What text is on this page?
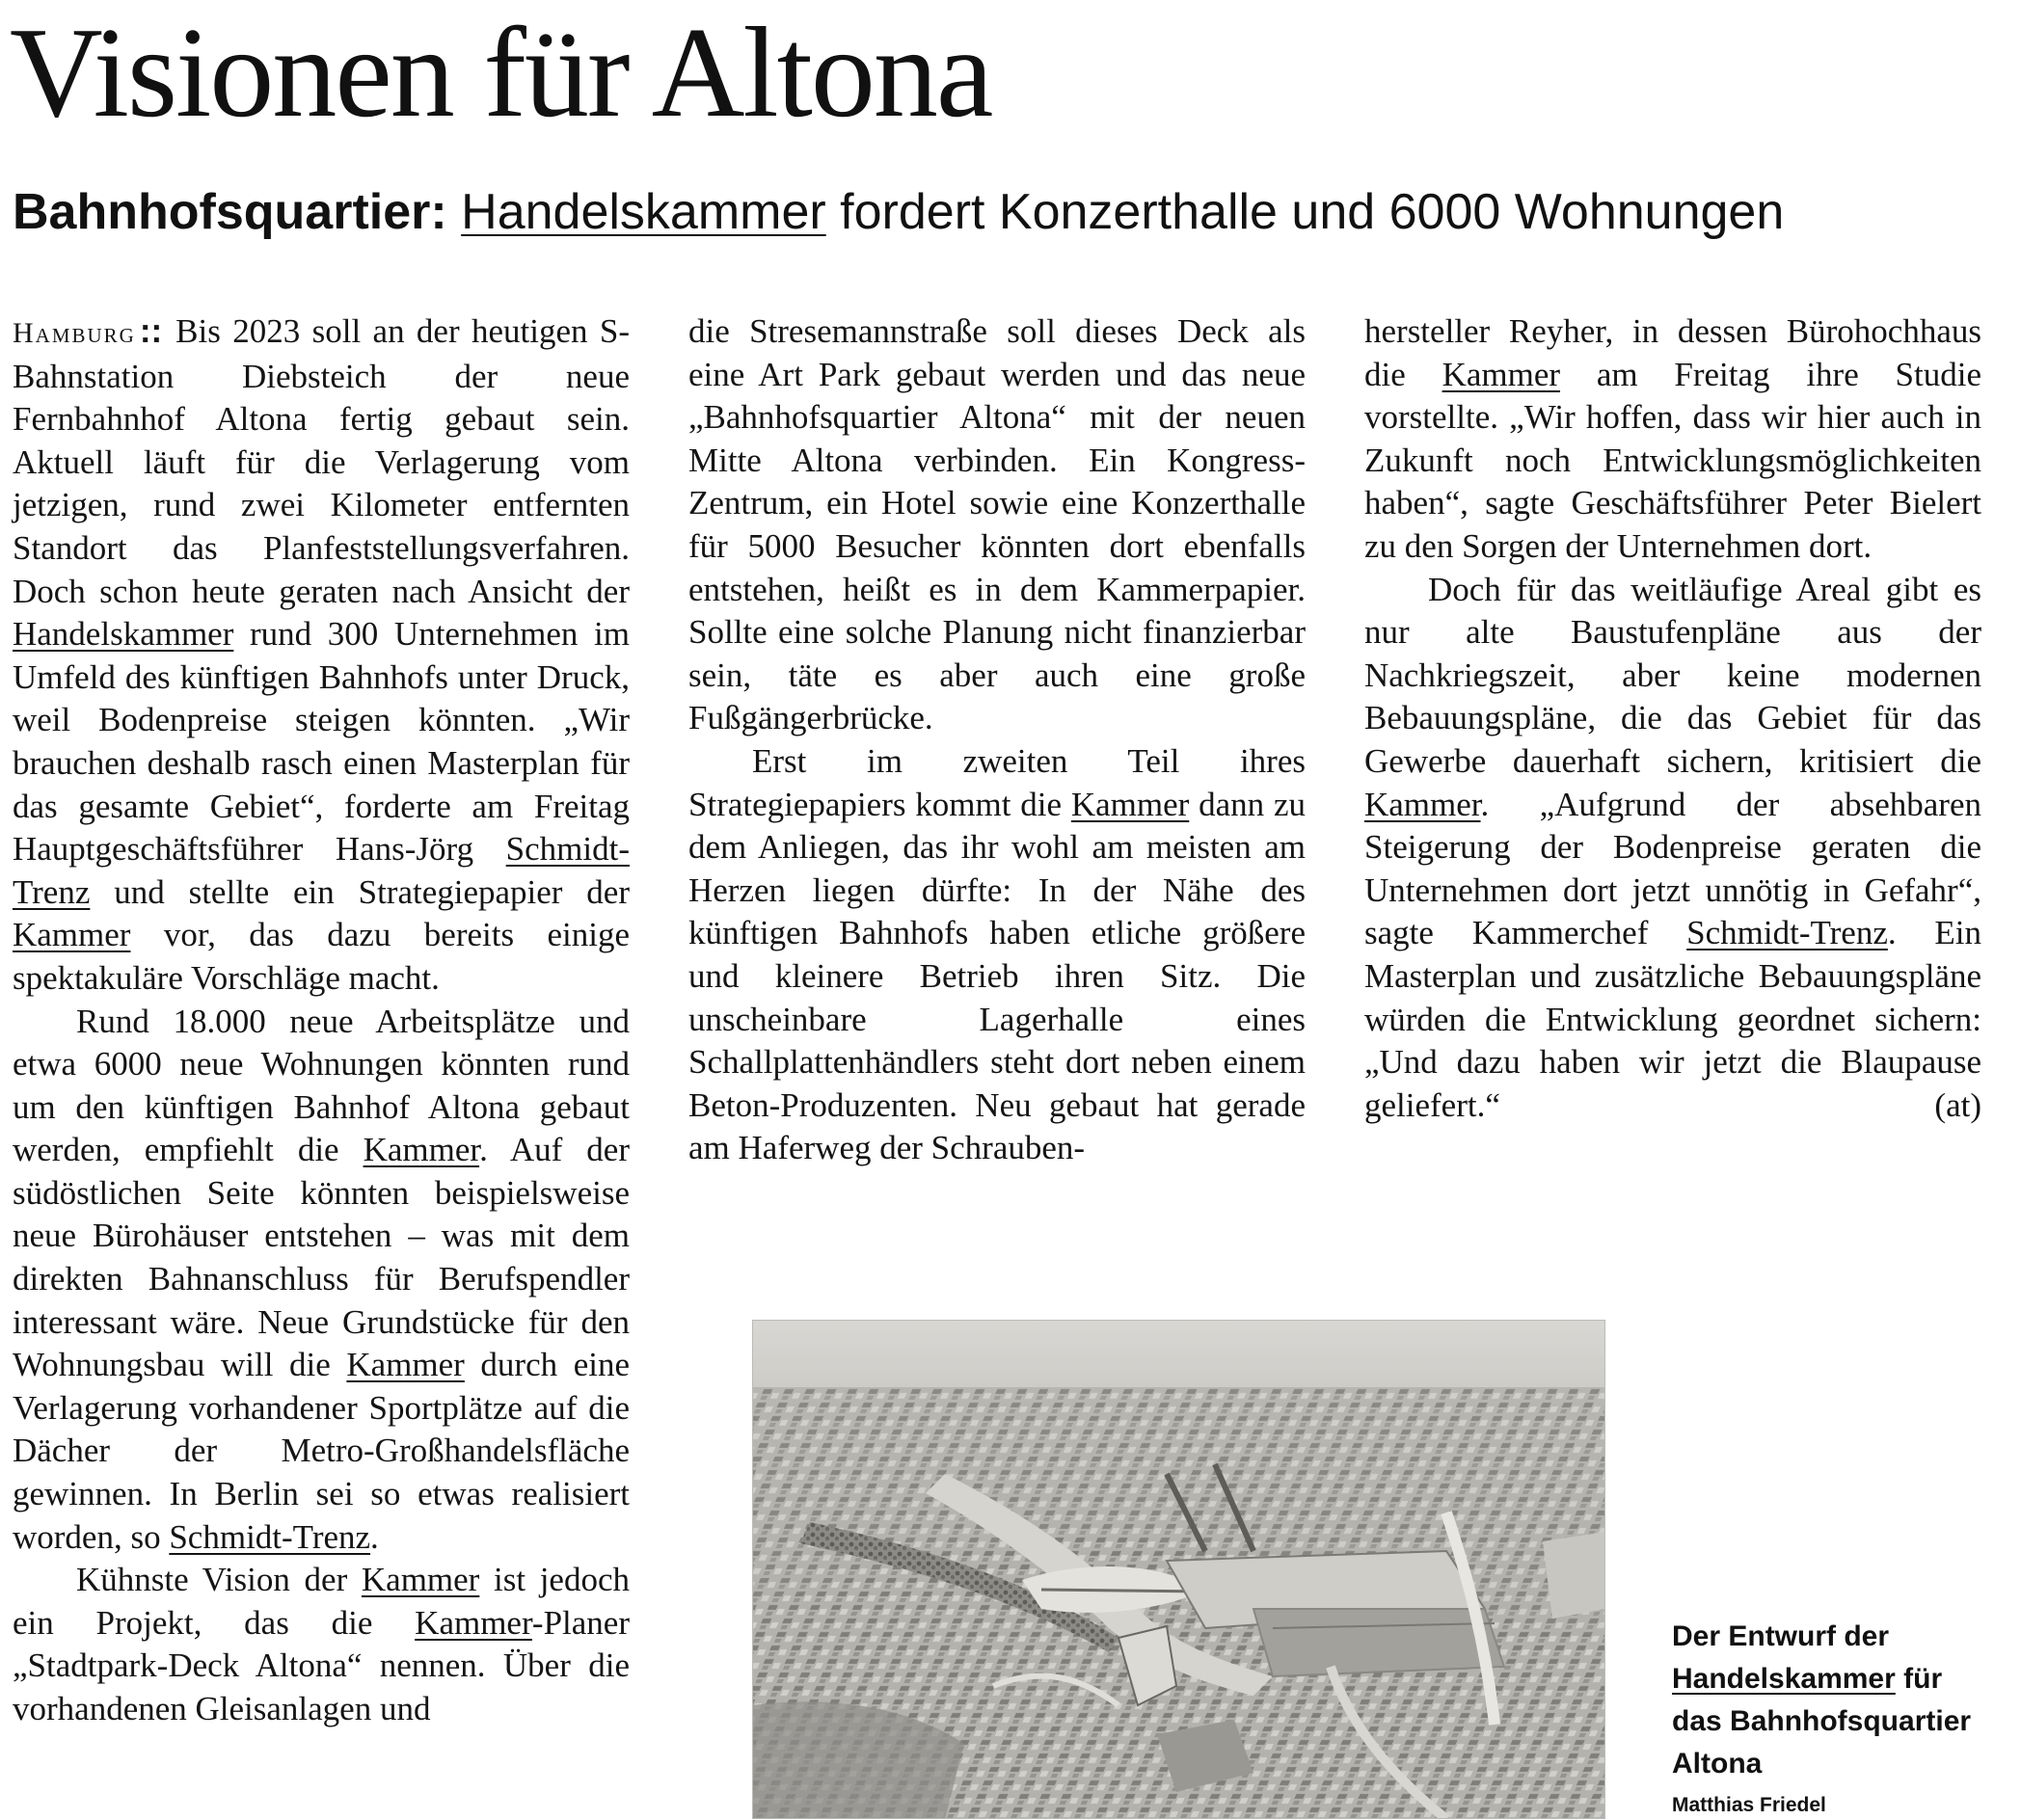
Visionen für Altona
Bahnhofsquartier: Handelskammer fordert Konzerthalle und 6000 Wohnungen

Hamburg :: Bis 2023 soll an der heutigen S-Bahnstation Diebsteich der neue Fernbahnhof Altona fertig gebaut sein. Aktuell läuft für die Verlagerung vom jetzigen, rund zwei Kilometer entfernten Standort das Planfeststellungsverfahren. Doch schon heute geraten nach Ansicht der Handelskammer rund 300 Unternehmen im Umfeld des künftigen Bahnhofs unter Druck, weil Bodenpreise steigen könnten. „Wir brauchen deshalb rasch einen Masterplan für das gesamte Gebiet“, forderte am Freitag Hauptgeschäftsführer Hans-Jörg Schmidt-Trenz und stellte ein Strategiepapier der Kammer vor, das dazu bereits einige spektakuläre Vorschläge macht.

Rund 18.000 neue Arbeitsplätze und etwa 6000 neue Wohnungen könnten rund um den künftigen Bahnhof Altona gebaut werden, empfiehlt die Kammer. Auf der südöstlichen Seite könnten beispielsweise neue Bürohäuser entstehen – was mit dem direkten Bahnanschluss für Berufspendler interessant wäre. Neue Grundstücke für den Wohnungsbau will die Kammer durch eine Verlagerung vorhandener Sportplätze auf die Dächer der Metro-Großhandelsfläche gewinnen. In Berlin sei so etwas realisiert worden, so Schmidt-Trenz.

Kühnste Vision der Kammer ist jedoch ein Projekt, das die Kammer-Planer „Stadtpark-Deck Altona“ nennen. Über die vorhandenen Gleisanlagen und

die Stresemannstraße soll dieses Deck als eine Art Park gebaut werden und das neue „Bahnhofsquartier Altona“ mit der neuen Mitte Altona verbinden. Ein Kongress-Zentrum, ein Hotel sowie eine Konzerthalle für 5000 Besucher könnten dort ebenfalls entstehen, heißt es in dem Kammerpapier. Sollte eine solche Planung nicht finanzierbar sein, täte es aber auch eine große Fußgängerbrücke.

Erst im zweiten Teil ihres Strategiepapiers kommt die Kammer dann zu dem Anliegen, das ihr wohl am meisten am Herzen liegen dürfte: In der Nähe des künftigen Bahnhofs haben etliche größere und kleinere Betrieb ihren Sitz. Die unscheinbare Lagerhalle eines Schallplattenhändlers steht dort neben einem Beton-Produzenten. Neu gebaut hat gerade am Haferweg der Schrauben-

hersteller Reyher, in dessen Bürohochhaus die Kammer am Freitag ihre Studie vorstellte. „Wir hoffen, dass wir hier auch in Zukunft noch Entwicklungsmöglichkeiten haben“, sagte Geschäftsführer Peter Bielert zu den Sorgen der Unternehmen dort.

Doch für das weitläufige Areal gibt es nur alte Baustufenpläne aus der Nachkriegszeit, aber keine modernen Bebauungspläne, die das Gebiet für das Gewerbe dauerhaft sichern, kritisiert die Kammer. „Aufgrund der absehbaren Steigerung der Bodenpreise geraten die Unternehmen dort jetzt unnötig in Gefahr“, sagte Kammerchef Schmidt-Trenz. Ein Masterplan und zusätzliche Bebauungspläne würden die Entwicklung geordnet sichern: „Und dazu haben wir jetzt die Blaupause geliefert.“	(at)

Der Entwurf der Handelskammer für das Bahnhofsquartier Altona
Matthias Friedel
